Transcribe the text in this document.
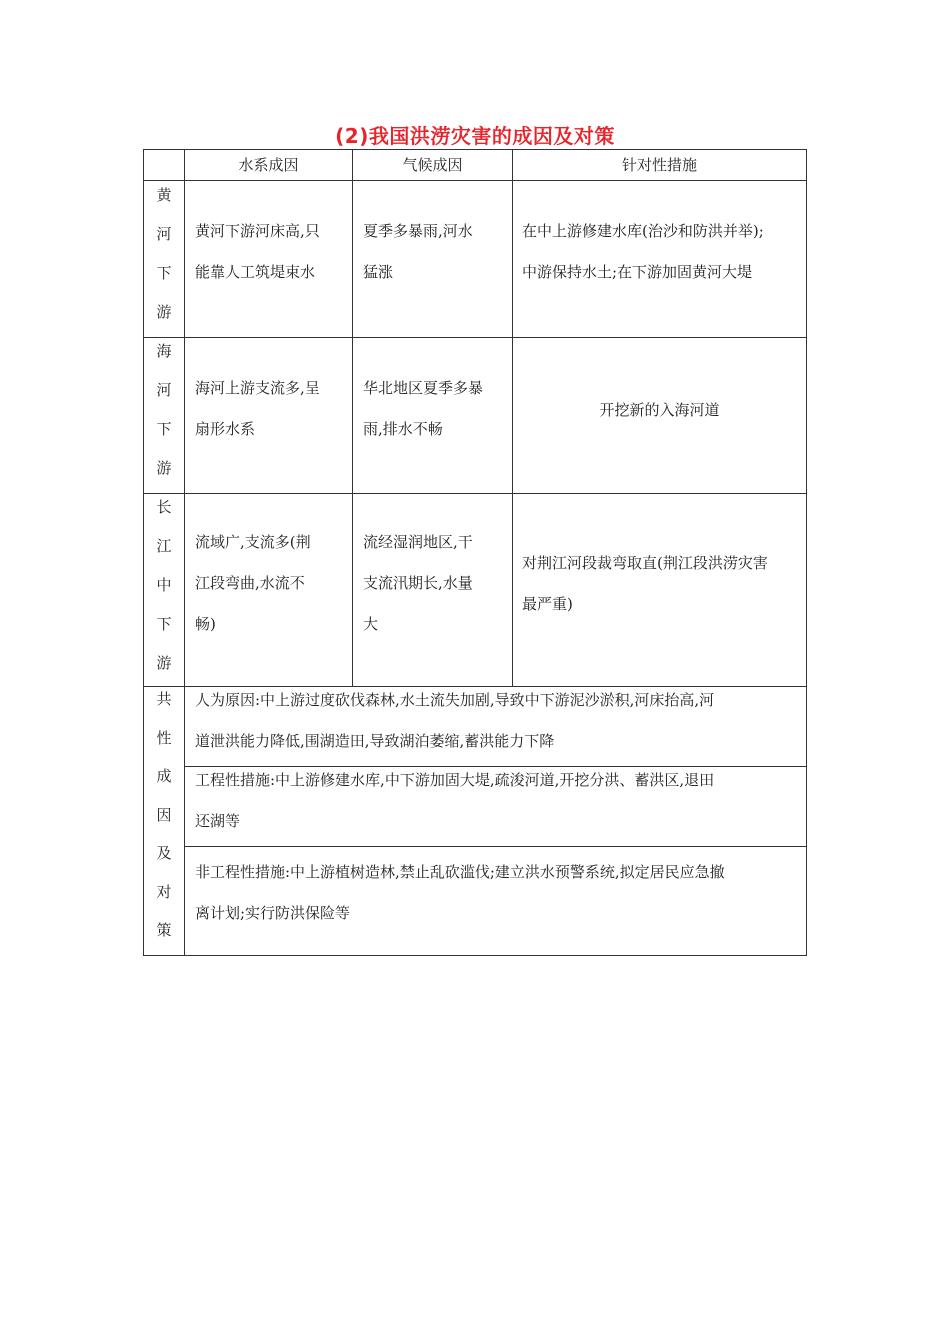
(2)我国洪涝灾害的成因及对策
水系成因	气候成因	针对性措施
黄
河
下
游
黄河下游河床高,只
能靠人工筑堤束水
夏季多暴雨,河水
猛涨
在中上游修建水库(治沙和防洪并举);
中游保持水土;在下游加固黄河大堤
海
河
下
游
海河上游支流多,呈
扇形水系
华北地区夏季多暴
雨,排水不畅
开挖新的入海河道
长
江
中
下
游
流域广,支流多(荆
江段弯曲,水流不
畅)
流经湿润地区,干
支流汛期长,水量
大
对荆江河段裁弯取直(荆江段洪涝灾害
最严重)
共
性
成
因
及
对
策
人为原因:中上游过度砍伐森林,水土流失加剧,导致中下游泥沙淤积,河床抬高,河
道泄洪能力降低,围湖造田,导致湖泊萎缩,蓄洪能力下降
工程性措施:中上游修建水库,中下游加固大堤,疏浚河道,开挖分洪、蓄洪区,退田
还湖等
非工程性措施:中上游植树造林,禁止乱砍滥伐;建立洪水预警系统,拟定居民应急撤
离计划;实行防洪保险等
